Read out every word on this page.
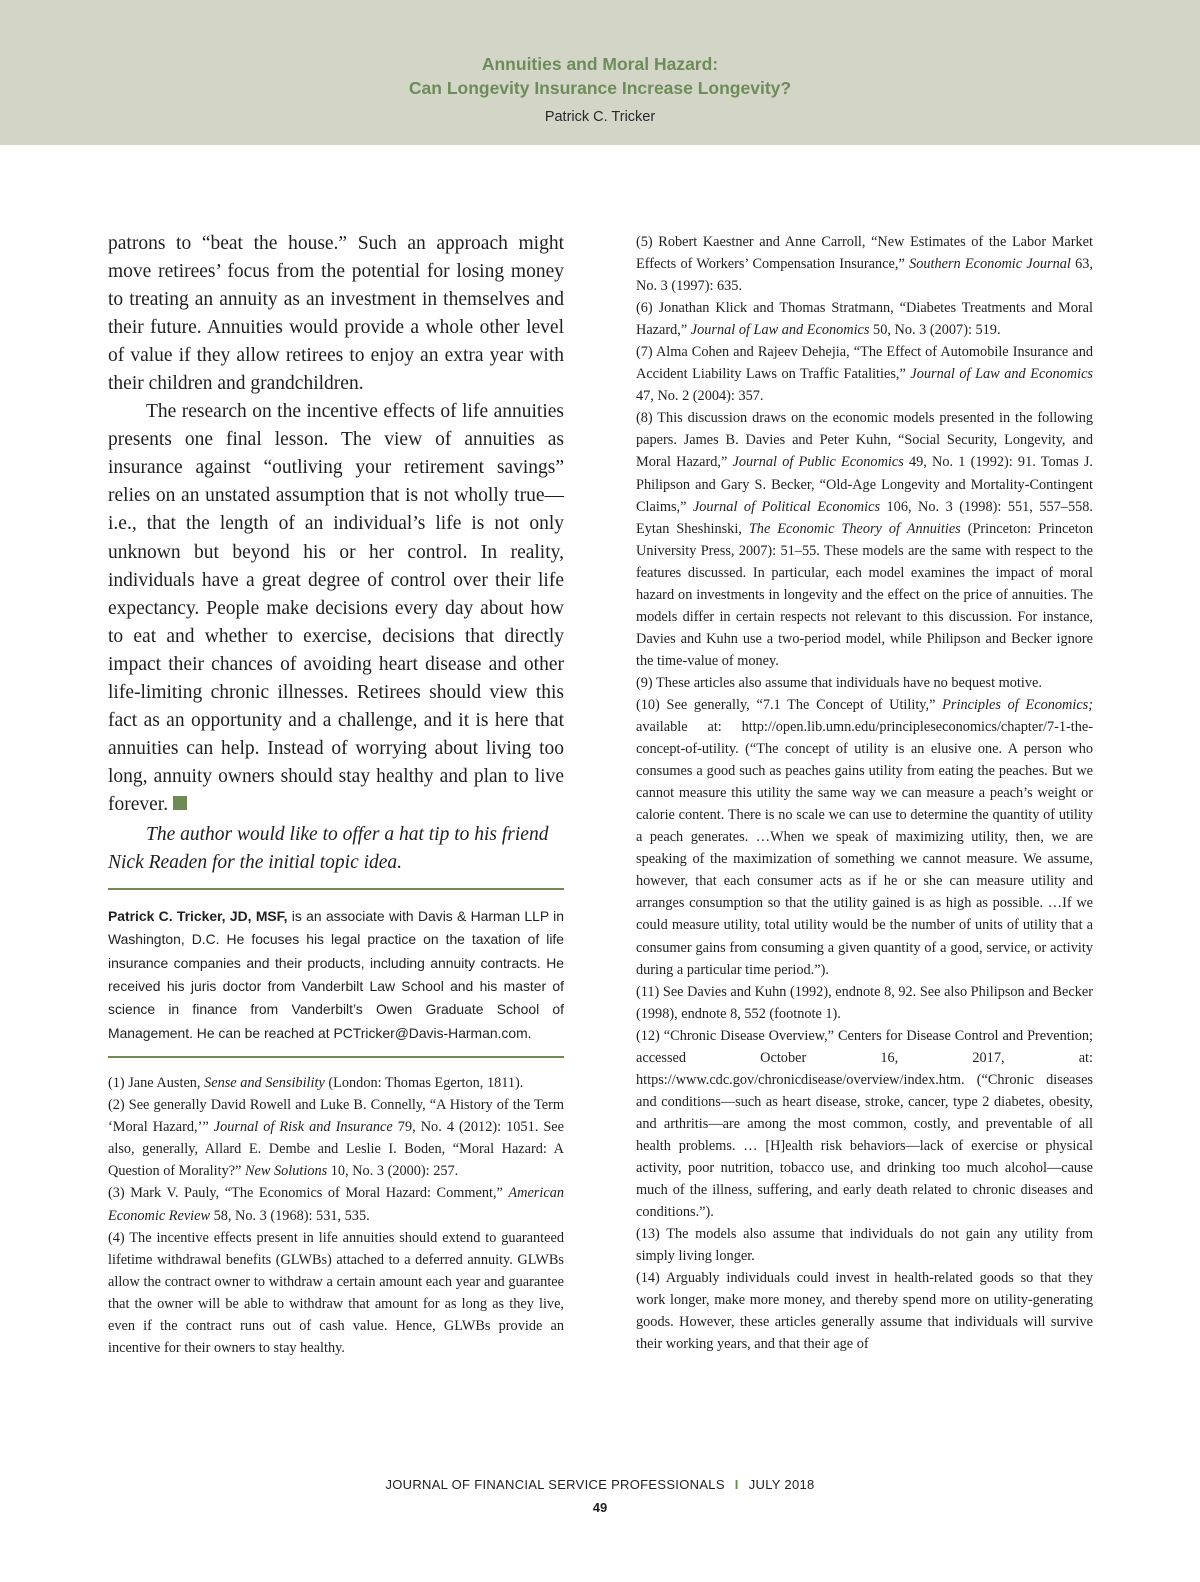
Annuities and Moral Hazard:
Can Longevity Insurance Increase Longevity?
Patrick C. Tricker

patrons to “beat the house.” Such an approach might move retirees’ focus from the potential for losing money to treating an annuity as an investment in themselves and their future. Annuities would provide a whole other level of value if they allow retirees to enjoy an extra year with their children and grandchildren.

The research on the incentive effects of life annuities presents one final lesson. The view of annuities as insurance against “outliving your retirement savings” relies on an unstated assumption that is not wholly true—i.e., that the length of an individual’s life is not only unknown but beyond his or her control. In reality, individuals have a great degree of control over their life expectancy. People make decisions every day about how to eat and whether to exercise, decisions that directly impact their chances of avoiding heart disease and other life-limiting chronic illnesses. Retirees should view this fact as an opportunity and a challenge, and it is here that annuities can help. Instead of worrying about living too long, annuity owners should stay healthy and plan to live forever.

The author would like to offer a hat tip to his friend Nick Readen for the initial topic idea.

Patrick C. Tricker, JD, MSF, is an associate with Davis & Harman LLP in Washington, D.C. He focuses his legal practice on the taxation of life insurance companies and their products, including annuity contracts. He received his juris doctor from Vanderbilt Law School and his master of science in finance from Vanderbilt’s Owen Graduate School of Management. He can be reached at PCTricker@Davis-Harman.com.

(1) Jane Austen, Sense and Sensibility (London: Thomas Egerton, 1811).

(2) See generally David Rowell and Luke B. Connelly, “A History of the Term ‘Moral Hazard,’” Journal of Risk and Insurance 79, No. 4 (2012): 1051. See also, generally, Allard E. Dembe and Leslie I. Boden, “Moral Hazard: A Question of Morality?” New Solutions 10, No. 3 (2000): 257.

(3) Mark V. Pauly, “The Economics of Moral Hazard: Comment,” American Economic Review 58, No. 3 (1968): 531, 535.

(4) The incentive effects present in life annuities should extend to guaranteed lifetime withdrawal benefits (GLWBs) attached to a deferred annuity. GLWBs allow the contract owner to withdraw a certain amount each year and guarantee that the owner will be able to withdraw that amount for as long as they live, even if the contract runs out of cash value. Hence, GLWBs provide an incentive for their owners to stay healthy.

(5) Robert Kaestner and Anne Carroll, “New Estimates of the Labor Market Effects of Workers’ Compensation Insurance,” Southern Economic Journal 63, No. 3 (1997): 635.

(6) Jonathan Klick and Thomas Stratmann, “Diabetes Treatments and Moral Hazard,” Journal of Law and Economics 50, No. 3 (2007): 519.

(7) Alma Cohen and Rajeev Dehejia, “The Effect of Automobile Insurance and Accident Liability Laws on Traffic Fatalities,” Journal of Law and Economics 47, No. 2 (2004): 357.

(8) This discussion draws on the economic models presented in the following papers. James B. Davies and Peter Kuhn, “Social Security, Longevity, and Moral Hazard,” Journal of Public Economics 49, No. 1 (1992): 91. Tomas J. Philipson and Gary S. Becker, “Old-Age Longevity and Mortality-Contingent Claims,” Journal of Political Economics 106, No. 3 (1998): 551, 557–558. Eytan Sheshinski, The Economic Theory of Annuities (Princeton: Princeton University Press, 2007): 51–55. These models are the same with respect to the features discussed. In particular, each model examines the impact of moral hazard on investments in longevity and the effect on the price of annuities. The models differ in certain respects not relevant to this discussion. For instance, Davies and Kuhn use a two-period model, while Philipson and Becker ignore the time-value of money.

(9) These articles also assume that individuals have no bequest motive.

(10) See generally, “7.1 The Concept of Utility,” Principles of Economics; available at: http://open.lib.umn.edu/principleseconomics/chapter/7-1-the-concept-of-utility. (“The concept of utility is an elusive one. A person who consumes a good such as peaches gains utility from eating the peaches. But we cannot measure this utility the same way we can measure a peach’s weight or calorie content. There is no scale we can use to determine the quantity of utility a peach generates. …When we speak of maximizing utility, then, we are speaking of the maximization of something we cannot measure. We assume, however, that each consumer acts as if he or she can measure utility and arranges consumption so that the utility gained is as high as possible. …If we could measure utility, total utility would be the number of units of utility that a consumer gains from consuming a given quantity of a good, service, or activity during a particular time period.”).

(11) See Davies and Kuhn (1992), endnote 8, 92. See also Philipson and Becker (1998), endnote 8, 552 (footnote 1).

(12) “Chronic Disease Overview,” Centers for Disease Control and Prevention; accessed October 16, 2017, at: https://www.cdc.gov/chronicdisease/overview/index.htm. (“Chronic diseases and conditions—such as heart disease, stroke, cancer, type 2 diabetes, obesity, and arthritis—are among the most common, costly, and preventable of all health problems. … [H]ealth risk behaviors—lack of exercise or physical activity, poor nutrition, tobacco use, and drinking too much alcohol—cause much of the illness, suffering, and early death related to chronic diseases and conditions.”).

(13) The models also assume that individuals do not gain any utility from simply living longer.

(14) Arguably individuals could invest in health-related goods so that they work longer, make more money, and thereby spend more on utility-generating goods. However, these articles generally assume that individuals will survive their working years, and that their age of

JOURNAL OF FINANCIAL SERVICE PROFESSIONALS I JULY 2018
49
